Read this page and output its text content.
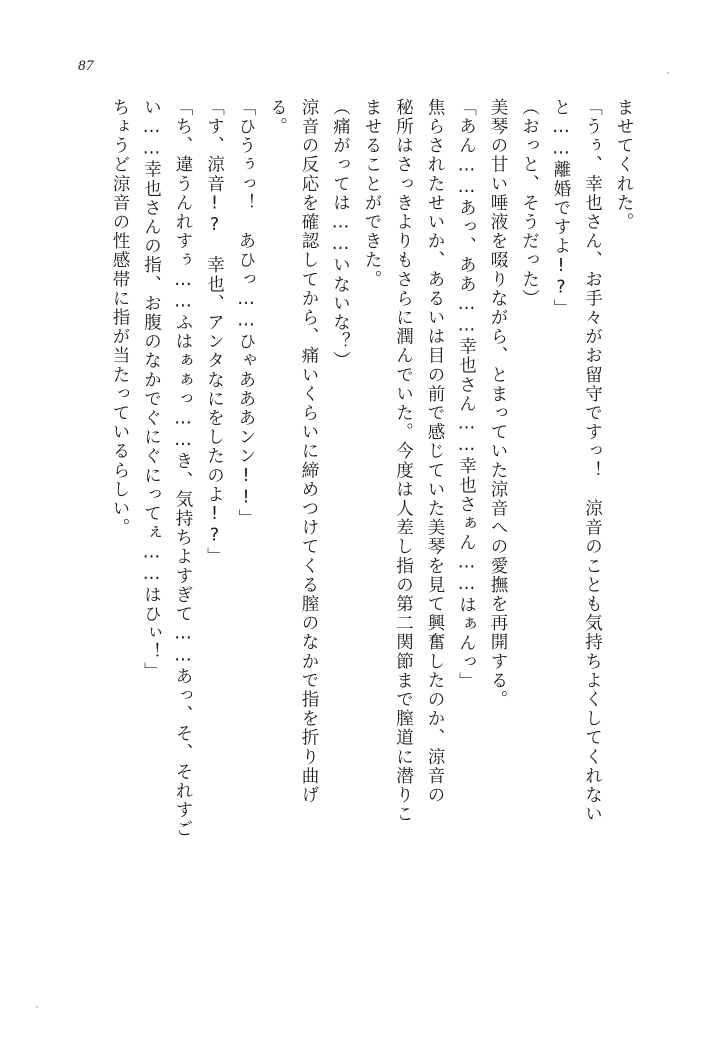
87
ませてくれた。
「うぅ、幸也さん、お手々がお留守ですっ！　涼音のことも気持ちよくしてくれない
と……離婚ですよ!?」
（おっと、そうだった）
美琴の甘い唾液を啜りながら、とまっていた涼音への愛撫を再開する。
「あん……あっ、ああ……幸也さん……幸也さぁん……はぁんっ」
焦らされたせいか、あるいは目の前で感じていた美琴を見て興奮したのか、涼音の
秘所はさっきよりもさらに潤んでいた。今度は人差し指の第二関節まで膣道に潜りこ
ませることができた。
（痛がっては……いないな？）
涼音の反応を確認してから、痛いくらいに締めつけてくる膣のなかで指を折り曲げ
る。
「ひうぅっ！　あひっ……ひゃあああンン!!」
「す、涼音!?　幸也、アンタなにをしたのよ!?」
「ち、違うんれすぅ……ふはぁぁっ……き、気持ちよすぎて……あっ、そ、それすご
い……幸也さんの指、お腹のなかでぐにぐにってぇ……はひぃ！」
ちょうど涼音の性感帯に指が当たっているらしい。
